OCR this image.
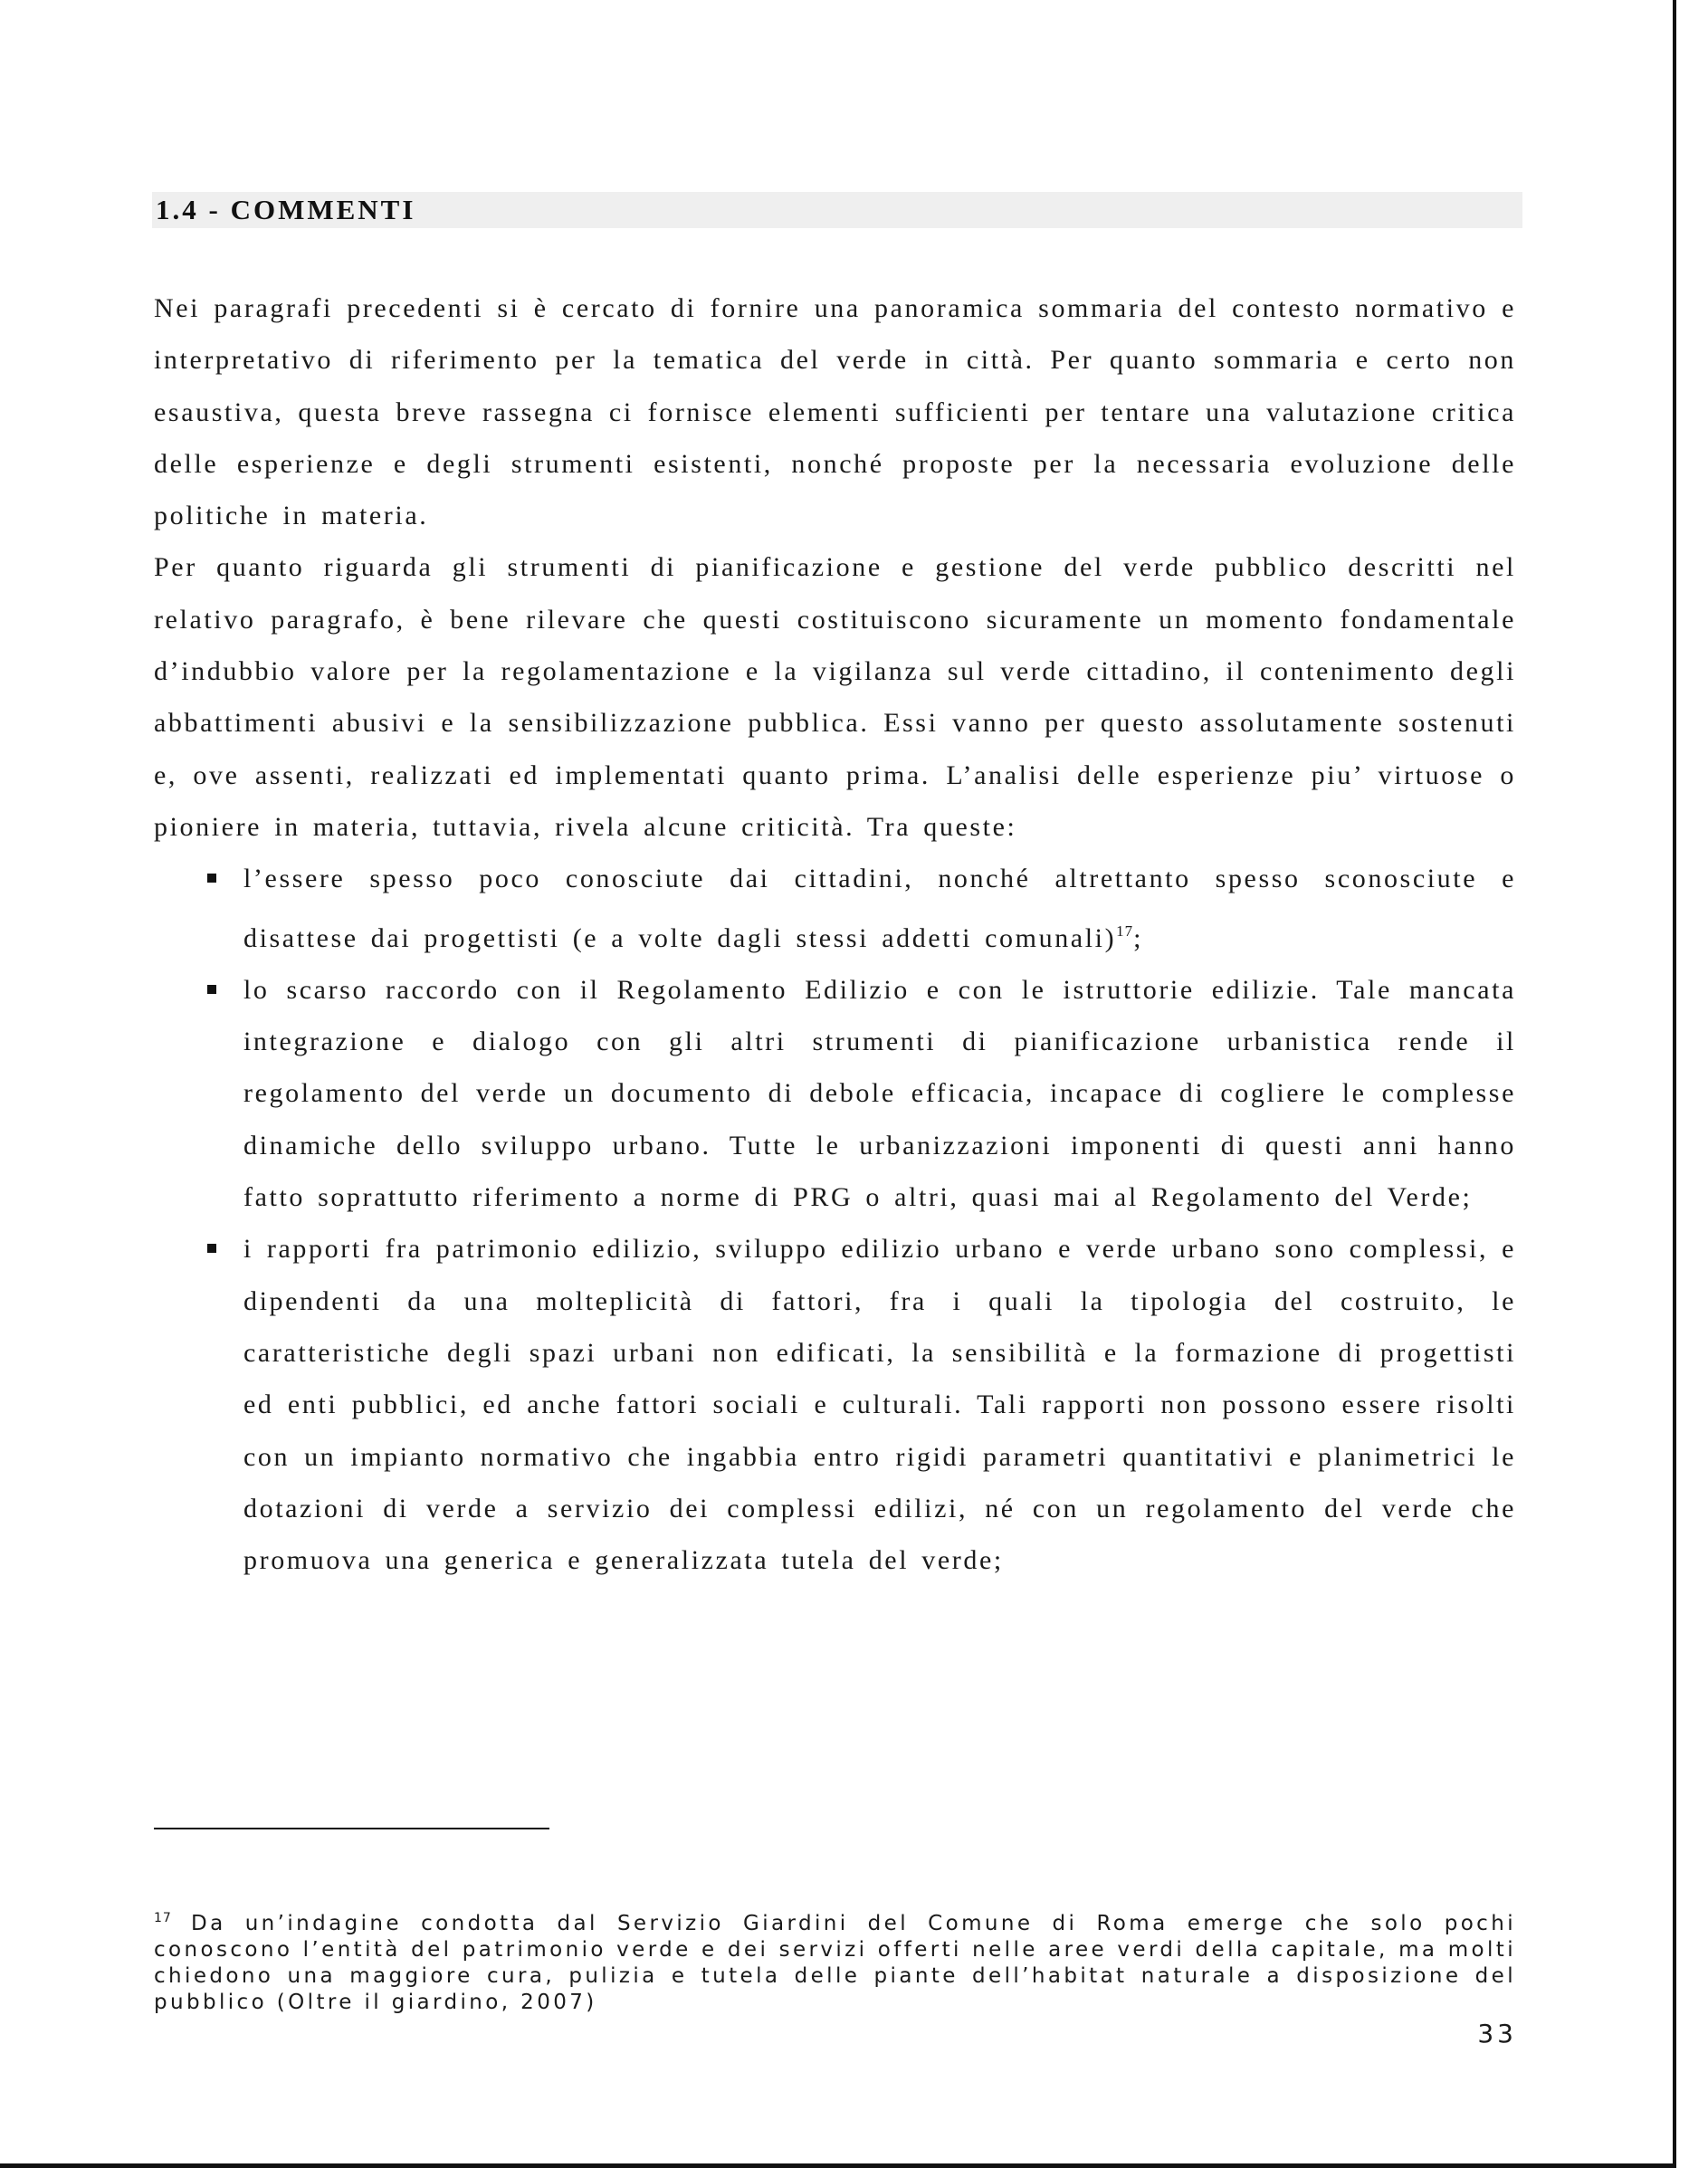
1.4 - COMMENTI

Nei paragrafi precedenti si è cercato di fornire una panoramica sommaria del contesto normativo e interpretativo di riferimento per la tematica del verde in città. Per quanto sommaria e certo non esaustiva, questa breve rassegna ci fornisce elementi sufficienti per tentare una valutazione critica delle esperienze e degli strumenti esistenti, nonché proposte per la necessaria evoluzione delle politiche in materia.

Per quanto riguarda gli strumenti di pianificazione e gestione del verde pubblico descritti nel relativo paragrafo, è bene rilevare che questi costituiscono sicuramente un momento fondamentale d’indubbio valore per la regolamentazione e la vigilanza sul verde cittadino, il contenimento degli abbattimenti abusivi e la sensibilizzazione pubblica. Essi vanno per questo assolutamente sostenuti e, ove assenti, realizzati ed implementati quanto prima. L’analisi delle esperienze piu’ virtuose o pioniere in materia, tuttavia, rivela alcune criticità. Tra queste:

l’essere spesso poco conosciute dai cittadini, nonché altrettanto spesso sconosciute e disattese dai progettisti (e a volte dagli stessi addetti comunali)$^{17}$;

lo scarso raccordo con il Regolamento Edilizio e con le istruttorie edilizie. Tale mancata integrazione e dialogo con gli altri strumenti di pianificazione urbanistica rende il regolamento del verde un documento di debole efficacia, incapace di cogliere le complesse dinamiche dello sviluppo urbano. Tutte le urbanizzazioni imponenti di questi anni hanno fatto soprattutto riferimento a norme di PRG o altri, quasi mai al Regolamento del Verde;

i rapporti fra patrimonio edilizio, sviluppo edilizio urbano e verde urbano sono complessi, e dipendenti da una molteplicità di fattori, fra i quali la tipologia del costruito, le caratteristiche degli spazi urbani non edificati, la sensibilità e la formazione di progettisti ed enti pubblici, ed anche fattori sociali e culturali. Tali rapporti non possono essere risolti con un impianto normativo che ingabbia entro rigidi parametri quantitativi e planimetrici le dotazioni di verde a servizio dei complessi edilizi, né con un regolamento del verde che promuova una generica e generalizzata tutela del verde;

$^{17}$ Da un’indagine condotta dal Servizio Giardini del Comune di Roma emerge che solo pochi conoscono l’entità del patrimonio verde e dei servizi offerti nelle aree verdi della capitale, ma molti chiedono una maggiore cura, pulizia e tutela delle piante dell’habitat naturale a disposizione del pubblico (Oltre il giardino, 2007)

33
